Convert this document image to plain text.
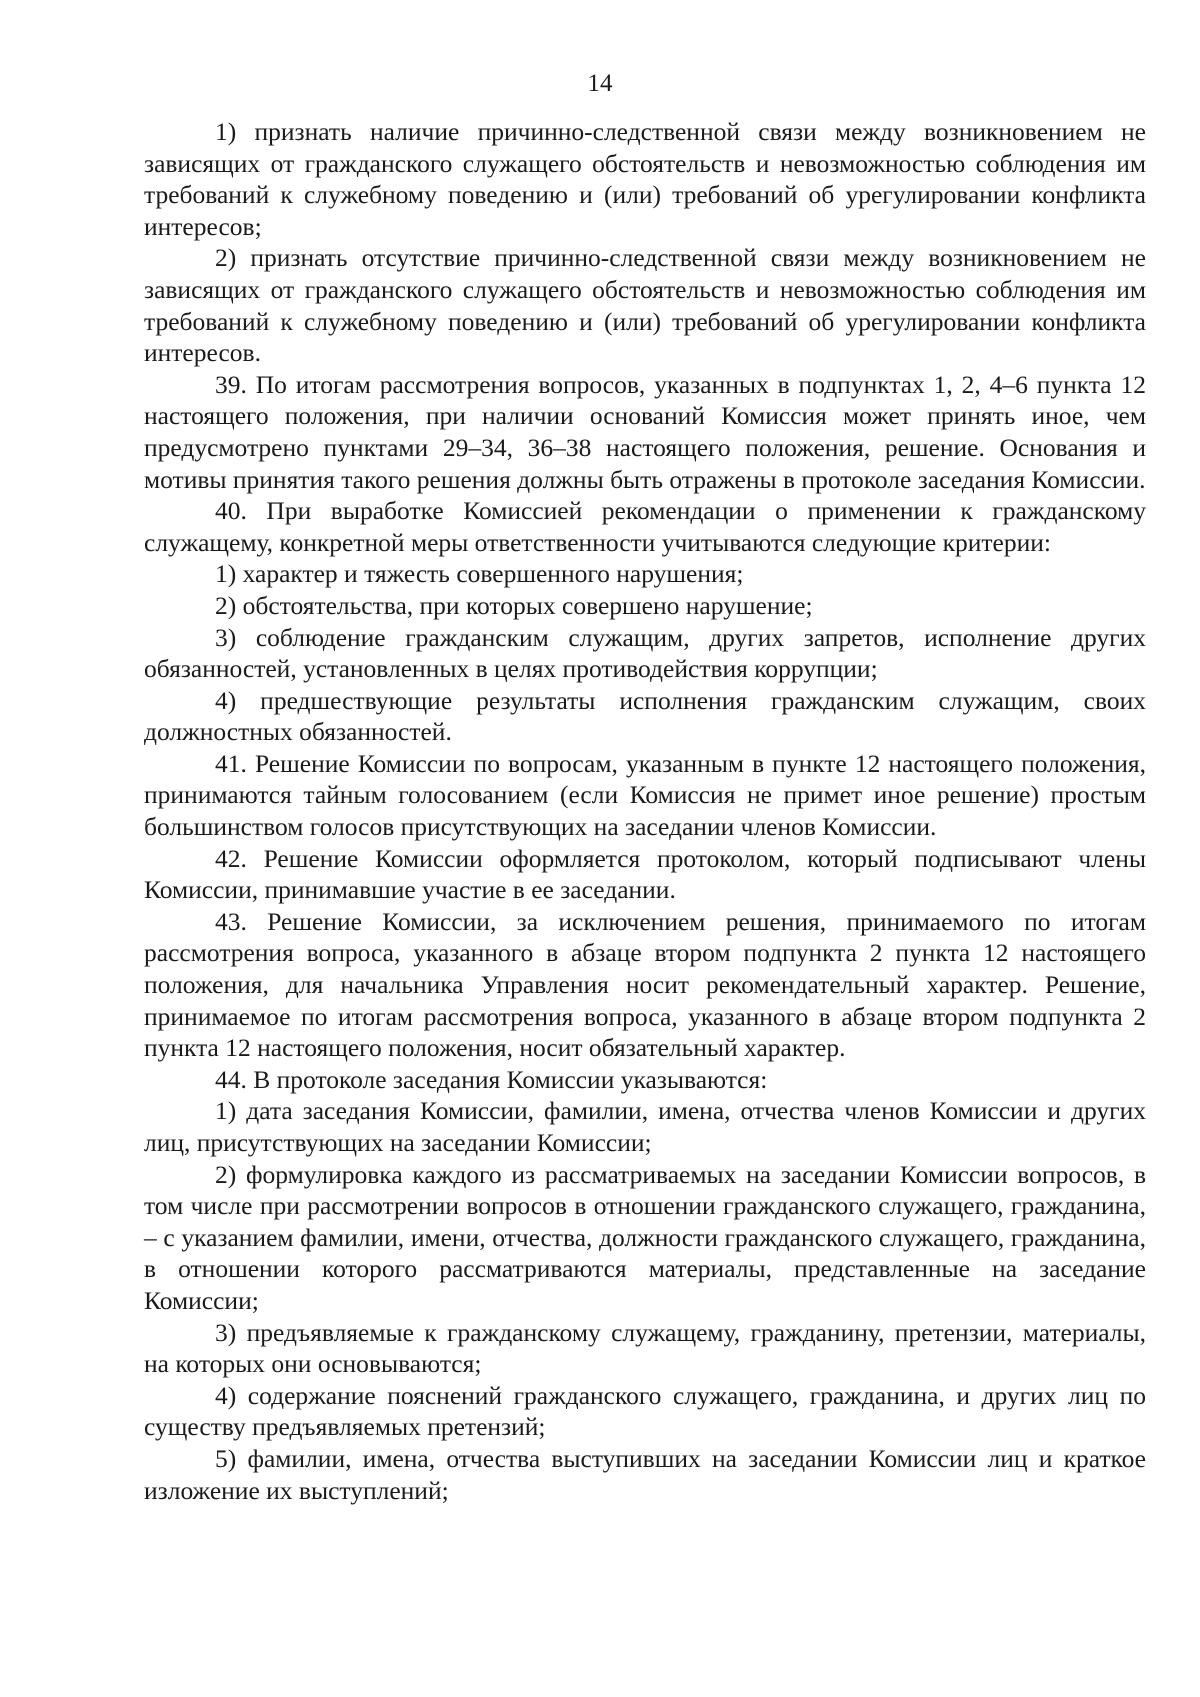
14

1) признать наличие причинно-следственной связи между возникновением не зависящих от гражданского служащего обстоятельств и невозможностью соблюдения им требований к служебному поведению и (или) требований об урегулировании конфликта интересов;

2) признать отсутствие причинно-следственной связи между возникновением не зависящих от гражданского служащего обстоятельств и невозможностью соблюдения им требований к служебному поведению и (или) требований об урегулировании конфликта интересов.

39. По итогам рассмотрения вопросов, указанных в подпунктах 1, 2, 4–6 пункта 12 настоящего положения, при наличии оснований Комиссия может принять иное, чем предусмотрено пунктами 29–34, 36–38 настоящего положения, решение. Основания и мотивы принятия такого решения должны быть отражены в протоколе заседания Комиссии.

40. При выработке Комиссией рекомендации о применении к гражданскому служащему, конкретной меры ответственности учитываются следующие критерии:

1) характер и тяжесть совершенного нарушения;

2) обстоятельства, при которых совершено нарушение;

3) соблюдение гражданским служащим, других запретов, исполнение других обязанностей, установленных в целях противодействия коррупции;

4) предшествующие результаты исполнения гражданским служащим, своих должностных обязанностей.

41. Решение Комиссии по вопросам, указанным в пункте 12 настоящего положения, принимаются тайным голосованием (если Комиссия не примет иное решение) простым большинством голосов присутствующих на заседании членов Комиссии.

42. Решение Комиссии оформляется протоколом, который подписывают члены Комиссии, принимавшие участие в ее заседании.

43. Решение Комиссии, за исключением решения, принимаемого по итогам рассмотрения вопроса, указанного в абзаце втором подпункта 2 пункта 12 настоящего положения, для начальника Управления носит рекомендательный характер. Решение, принимаемое по итогам рассмотрения вопроса, указанного в абзаце втором подпункта 2 пункта 12 настоящего положения, носит обязательный характер.

44. В протоколе заседания Комиссии указываются:

1) дата заседания Комиссии, фамилии, имена, отчества членов Комиссии и других лиц, присутствующих на заседании Комиссии;

2) формулировка каждого из рассматриваемых на заседании Комиссии вопросов, в том числе при рассмотрении вопросов в отношении гражданского служащего, гражданина, – с указанием фамилии, имени, отчества, должности гражданского служащего, гражданина, в отношении которого рассматриваются материалы, представленные на заседание Комиссии;

3) предъявляемые к гражданскому служащему, гражданину, претензии, материалы, на которых они основываются;

4) содержание пояснений гражданского служащего, гражданина, и других лиц по существу предъявляемых претензий;

5) фамилии, имена, отчества выступивших на заседании Комиссии лиц и краткое изложение их выступлений;
